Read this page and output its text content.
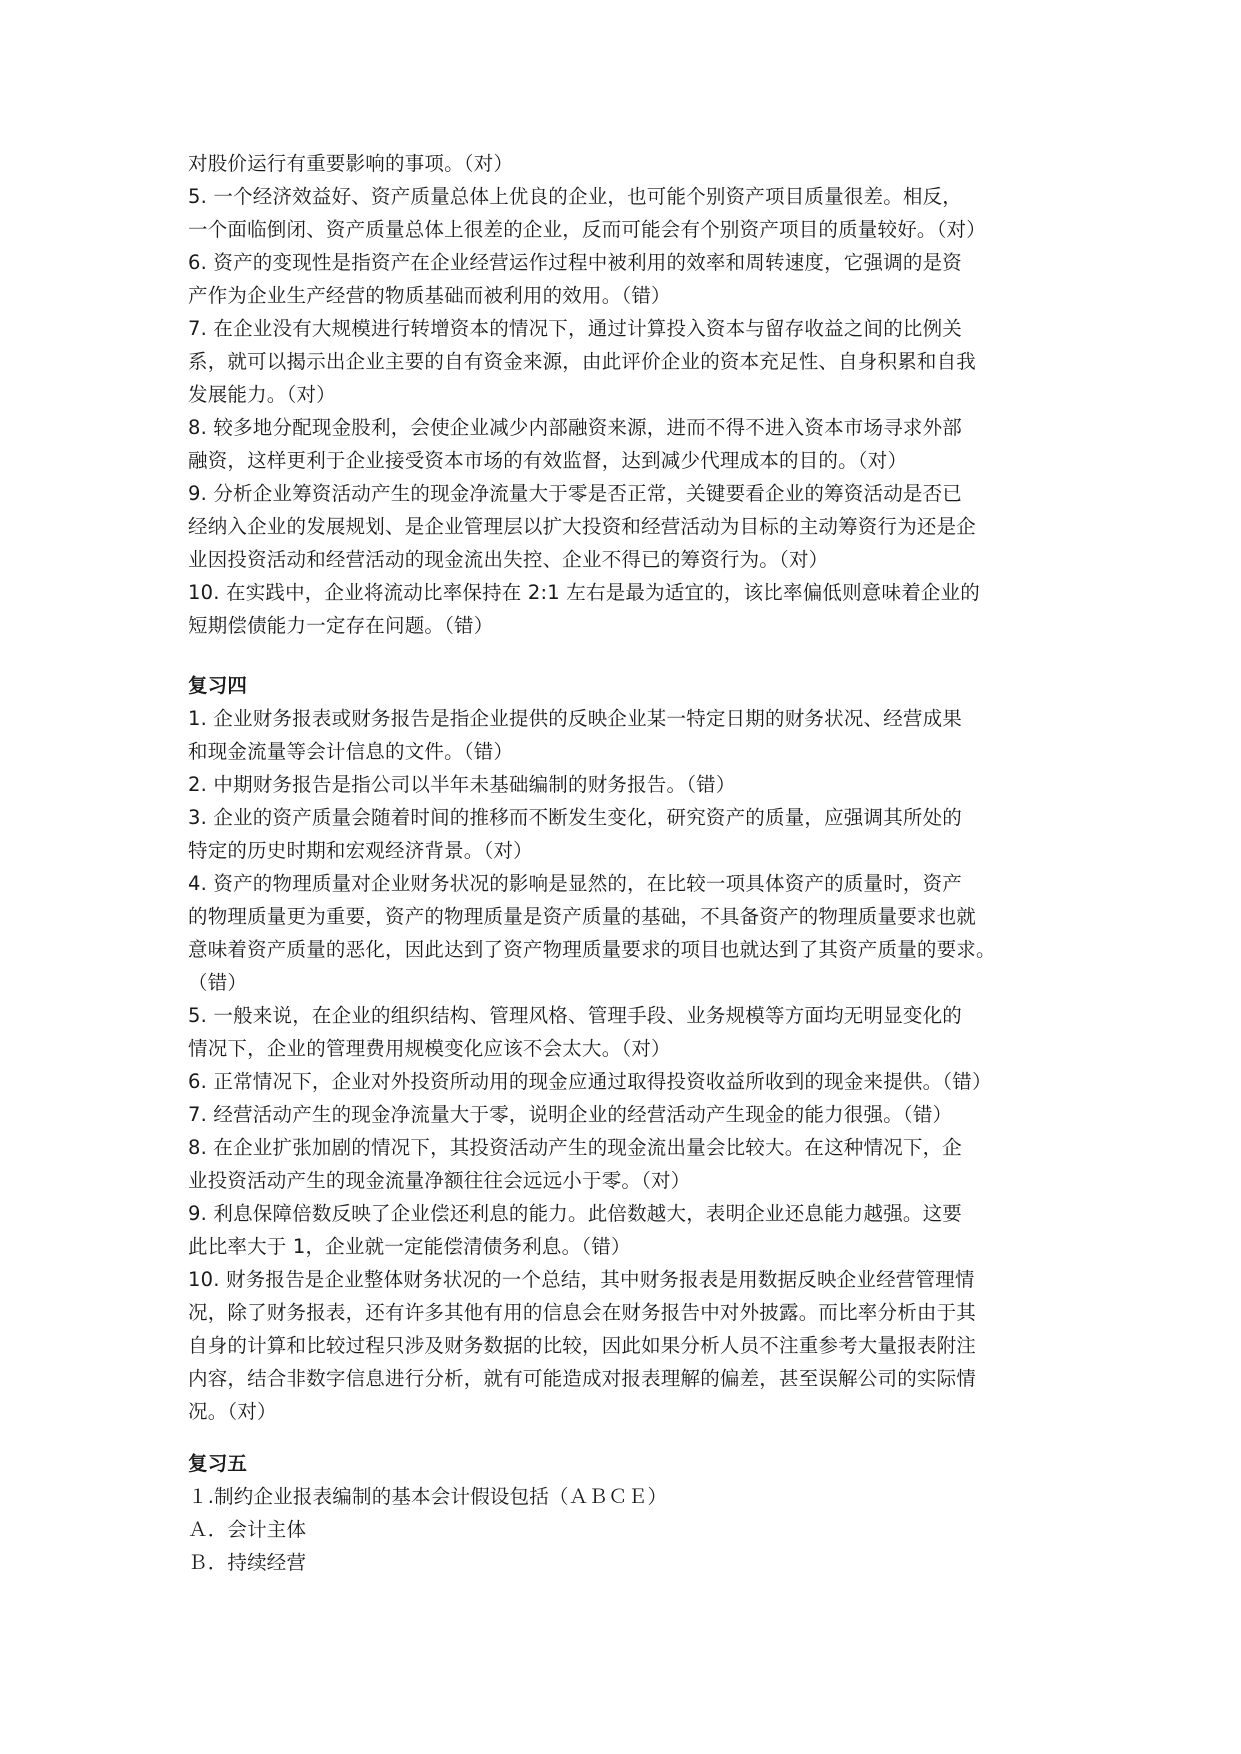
对股价运行有重要影响的事项。（对）
5. 一个经济效益好、资产质量总体上优良的企业，也可能个别资产项目质量很差。相反，
一个面临倒闭、资产质量总体上很差的企业，反而可能会有个别资产项目的质量较好。（对）
6. 资产的变现性是指资产在企业经营运作过程中被利用的效率和周转速度，它强调的是资
产作为企业生产经营的物质基础而被利用的效用。（错）
7. 在企业没有大规模进行转增资本的情况下，通过计算投入资本与留存收益之间的比例关
系，就可以揭示出企业主要的自有资金来源，由此评价企业的资本充足性、自身积累和自我
发展能力。（对）
8. 较多地分配现金股利，会使企业减少内部融资来源，进而不得不进入资本市场寻求外部
融资，这样更利于企业接受资本市场的有效监督，达到减少代理成本的目的。（对）
9. 分析企业筹资活动产生的现金净流量大于零是否正常，关键要看企业的筹资活动是否已
经纳入企业的发展规划、是企业管理层以扩大投资和经营活动为目标的主动筹资行为还是企
业因投资活动和经营活动的现金流出失控、企业不得已的筹资行为。（对）
10. 在实践中，企业将流动比率保持在 2:1 左右是最为适宜的，该比率偏低则意味着企业的
短期偿债能力一定存在问题。（错）
复习四
1. 企业财务报表或财务报告是指企业提供的反映企业某一特定日期的财务状况、经营成果
和现金流量等会计信息的文件。（错）
2. 中期财务报告是指公司以半年未基础编制的财务报告。（错）
3. 企业的资产质量会随着时间的推移而不断发生变化，研究资产的质量，应强调其所处的
特定的历史时期和宏观经济背景。（对）
4. 资产的物理质量对企业财务状况的影响是显然的，在比较一项具体资产的质量时，资产
的物理质量更为重要，资产的物理质量是资产质量的基础，不具备资产的物理质量要求也就
意味着资产质量的恶化，因此达到了资产物理质量要求的项目也就达到了其资产质量的要求。
（错）
5. 一般来说，在企业的组织结构、管理风格、管理手段、业务规模等方面均无明显变化的
情况下，企业的管理费用规模变化应该不会太大。（对）
6. 正常情况下，企业对外投资所动用的现金应通过取得投资收益所收到的现金来提供。（错）
7. 经营活动产生的现金净流量大于零，说明企业的经营活动产生现金的能力很强。（错）
8. 在企业扩张加剧的情况下，其投资活动产生的现金流出量会比较大。在这种情况下，企
业投资活动产生的现金流量净额往往会远远小于零。（对）
9. 利息保障倍数反映了企业偿还利息的能力。此倍数越大，表明企业还息能力越强。这要
此比率大于 1，企业就一定能偿清债务利息。（错）
10. 财务报告是企业整体财务状况的一个总结，其中财务报表是用数据反映企业经营管理情
况，除了财务报表，还有许多其他有用的信息会在财务报告中对外披露。而比率分析由于其
自身的计算和比较过程只涉及财务数据的比较，因此如果分析人员不注重参考大量报表附注
内容，结合非数字信息进行分析，就有可能造成对报表理解的偏差，甚至误解公司的实际情
况。（对）
复习五
１.制约企业报表编制的基本会计假设包括（ＡＢＣＥ）
Ａ．会计主体
Ｂ．持续经营
